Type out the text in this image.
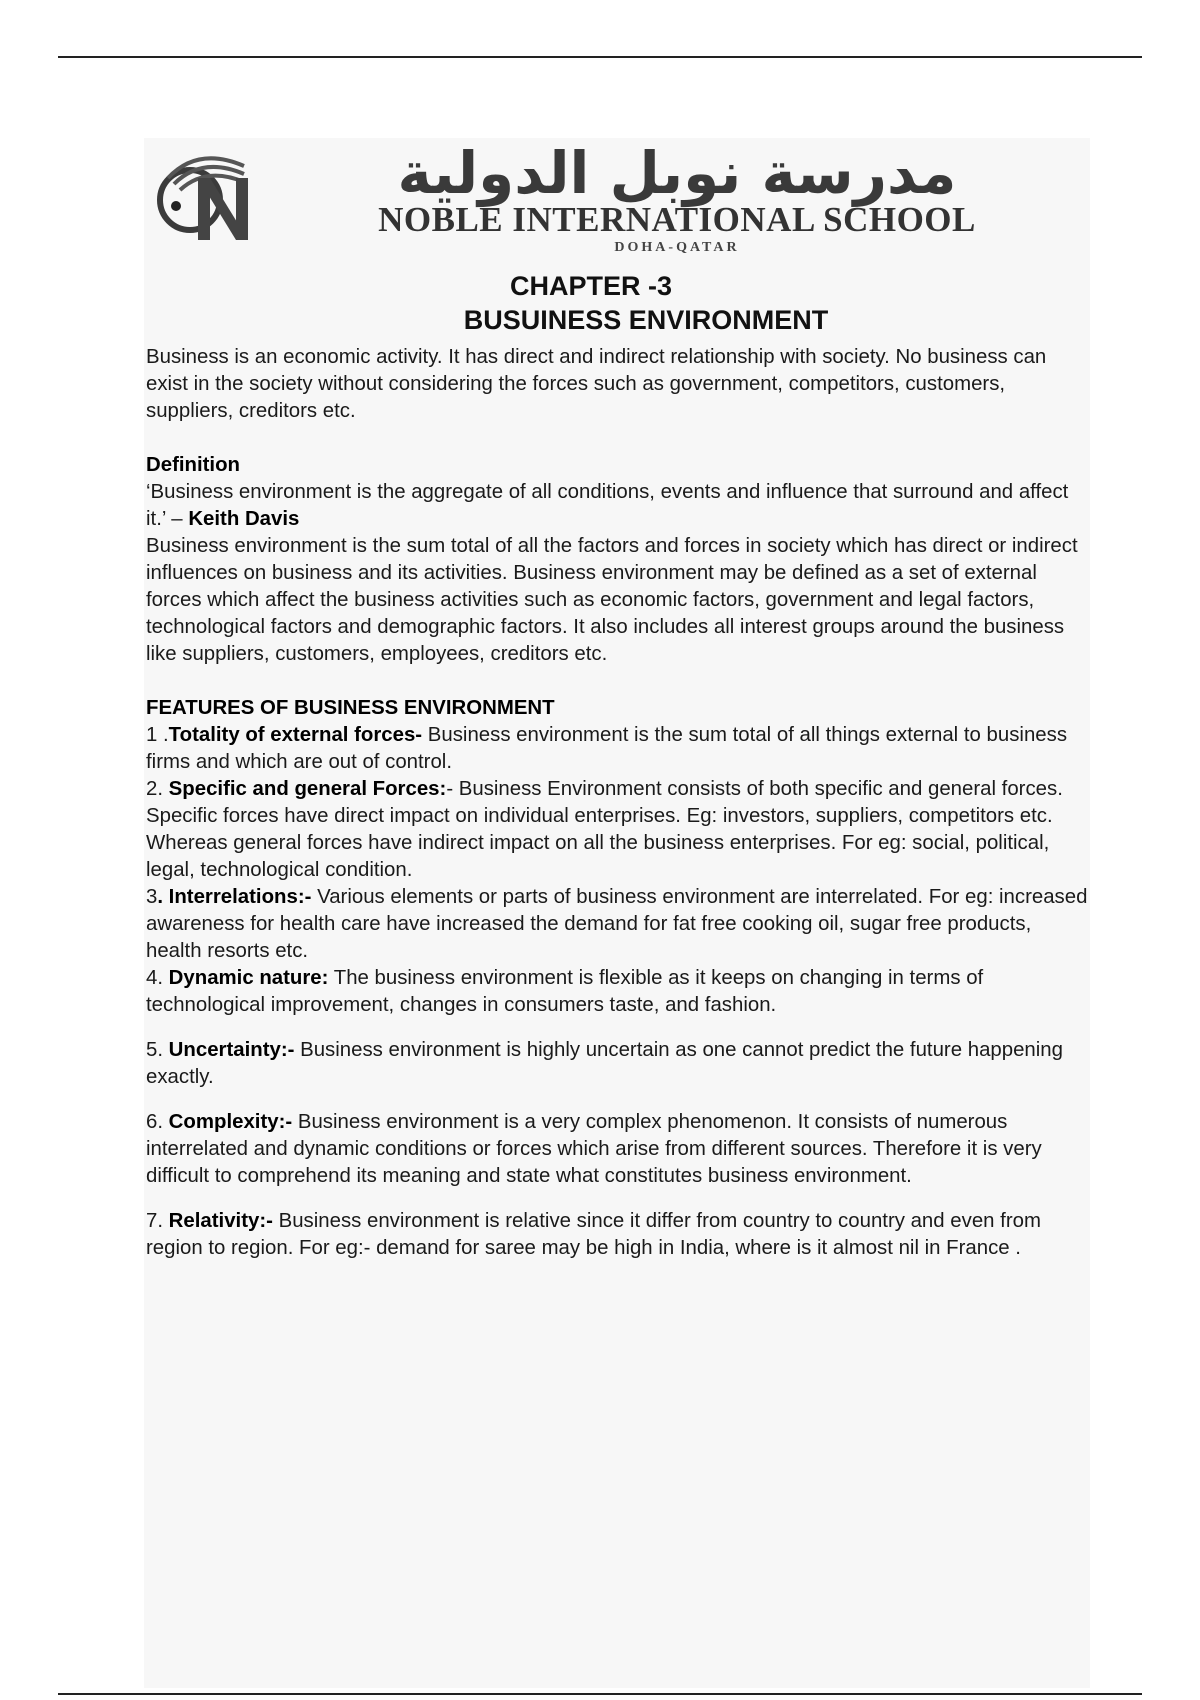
مدرسة نوبل الدولية
NOBLE INTERNATIONAL SCHOOL
DOHA-QATAR
CHAPTER -3
BUSUINESS ENVIRONMENT

Business is an economic activity. It has direct and indirect relationship with society. No business can exist in the society without considering the forces such as government, competitors, customers, suppliers, creditors etc.

Definition

‘Business environment is the aggregate of all conditions, events and influence that surround and affect it.’ – Keith Davis

Business environment is the sum total of all the factors and forces in society which has direct or indirect influences on business and its activities. Business environment may be defined as a set of external forces which affect the business activities such as economic factors, government and legal factors, technological factors and demographic factors. It also includes all interest groups around the business like suppliers, customers, employees, creditors etc.

FEATURES OF BUSINESS ENVIRONMENT

1 .Totality of external forces- Business environment is the sum total of all things external to business firms and which are out of control.

2. Specific and general Forces:- Business Environment consists of both specific and general forces. Specific forces have direct impact on individual enterprises. Eg: investors, suppliers, competitors etc. Whereas general forces have indirect impact on all the business enterprises. For eg: social, political, legal, technological condition.

3. Interrelations:- Various elements or parts of business environment are interrelated. For eg: increased awareness for health care have increased the demand for fat free cooking oil, sugar free products, health resorts etc.

4. Dynamic nature: The business environment is flexible as it keeps on changing in terms of technological improvement, changes in consumers taste, and fashion.

5. Uncertainty:- Business environment is highly uncertain as one cannot predict the future happening exactly.

6. Complexity:- Business environment is a very complex phenomenon. It consists of numerous interrelated and dynamic conditions or forces which arise from different sources. Therefore it is very difficult to comprehend its meaning and state what constitutes business environment.

7. Relativity:- Business environment is relative since it differ from country to country and even from region to region. For eg:- demand for saree may be high in India, where is it almost nil in France .
